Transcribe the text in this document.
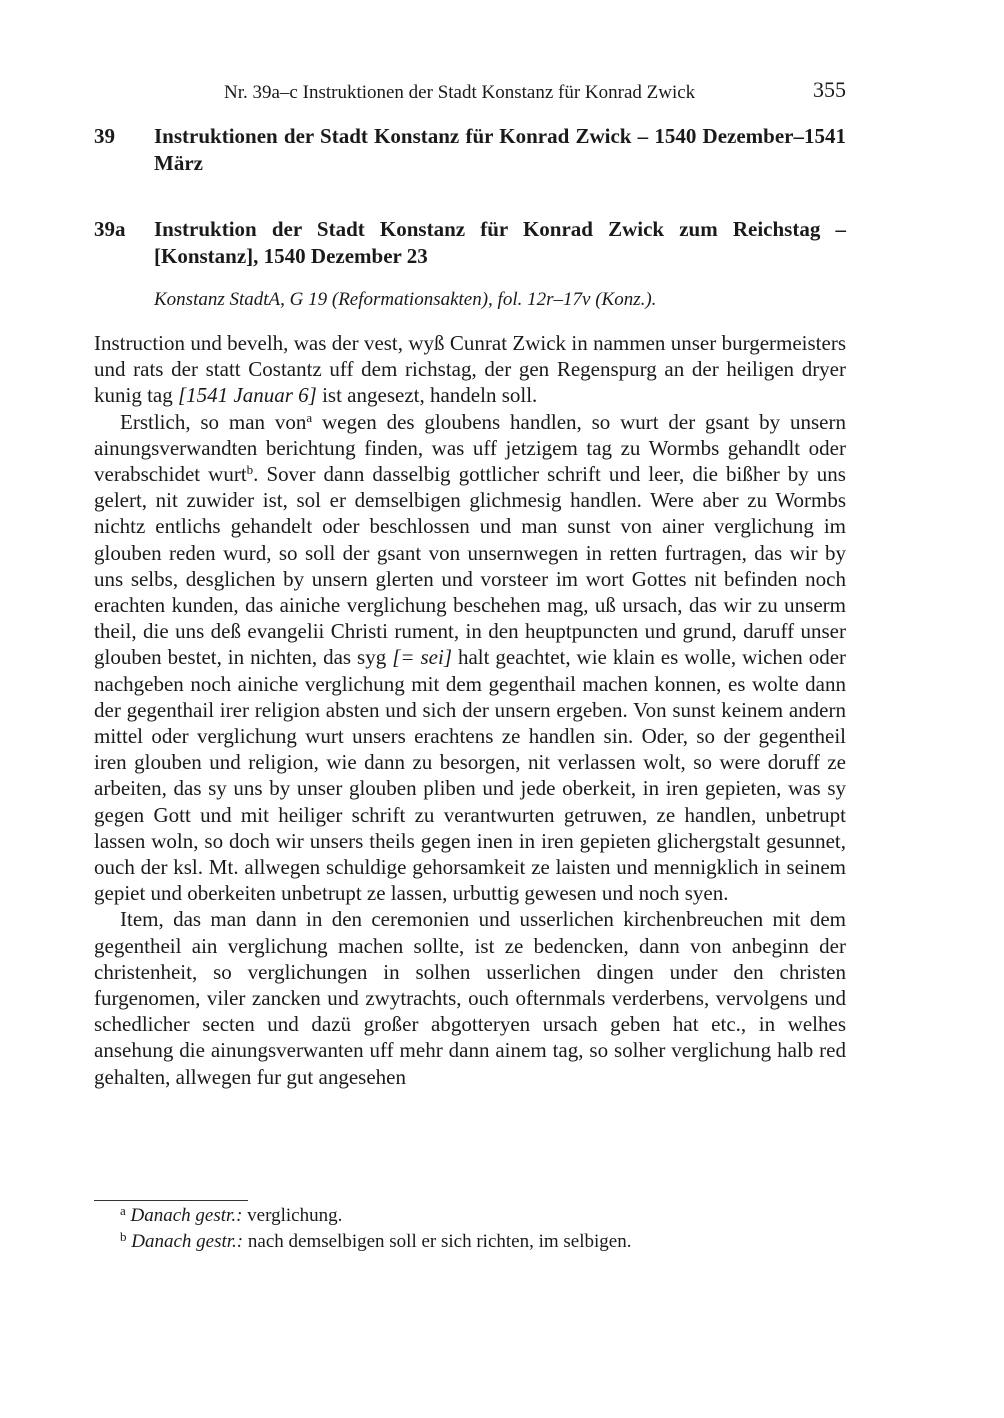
Nr. 39a–c Instruktionen der Stadt Konstanz für Konrad Zwick	355
39 Instruktionen der Stadt Konstanz für Konrad Zwick – 1540 Dezember–1541 März
39a Instruktion der Stadt Konstanz für Konrad Zwick zum Reichstag – [Konstanz], 1540 Dezember 23
Konstanz StadtA, G 19 (Reformationsakten), fol. 12r–17v (Konz.).

Instruction und bevelh, was der vest, wyß Cunrat Zwick in nammen unser burgermeisters und rats der statt Costantz uff dem richstag, der gen Regenspurg an der heiligen dryer kunig tag [1541 Januar 6] ist angesezt, handeln soll.

Erstlich, so man von$^a$ wegen des gloubens handlen, so wurt der gsant by unsern ainungsverwandten berichtung finden, was uff jetzigem tag zu Wormbs gehandlt oder verabschidet wurt$^b$. Sover dann dasselbig gottlicher schrift und leer, die bißher by uns gelert, nit zuwider ist, sol er demselbigen glichmesig handlen. Were aber zu Wormbs nichtz entlichs gehandelt oder beschlossen und man sunst von ainer verglichung im glouben reden wurd, so soll der gsant von unsernwegen in retten furtragen, das wir by uns selbs, desglichen by unsern glerten und vorsteer im wort Gottes nit befinden noch erachten kunden, das ainiche verglichung beschehen mag, uß ursach, das wir zu unserm theil, die uns deß evangelii Christi rument, in den heuptpuncten und grund, daruff unser glouben bestet, in nichten, das syg [= sei] halt geachtet, wie klain es wolle, wichen oder nachgeben noch ainiche verglichung mit dem gegenthail machen konnen, es wolte dann der gegenthail irer religion absten und sich der unsern ergeben. Von sunst keinem andern mittel oder verglichung wurt unsers erachtens ze handlen sin. Oder, so der gegentheil iren glouben und religion, wie dann zu besorgen, nit verlassen wolt, so were doruff ze arbeiten, das sy uns by unser glouben pliben und jede oberkeit, in iren gepieten, was sy gegen Gott und mit heiliger schrift zu verantwurten getruwen, ze handlen, unbetrupt lassen woln, so doch wir unsers theils gegen inen in iren gepieten glichergstalt gesunnet, ouch der ksl. Mt. allwegen schuldige gehorsamkeit ze laisten und mennigklich in seinem gepiet und oberkeiten unbetrupt ze lassen, urbuttig gewesen und noch syen.

Item, das man dann in den ceremonien und usserlichen kirchenbreuchen mit dem gegentheil ain verglichung machen sollte, ist ze bedencken, dann von anbeginn der christenheit, so verglichungen in solhen usserlichen dingen under den christen furgenomen, viler zancken und zwytrachts, ouch ofternmals verderbens, vervolgens und schedlicher secten und dazü großer abgotteryen ursach geben hat etc., in welhes ansehung die ainungsverwanten uff mehr dann ainem tag, so solher verglichung halb red gehalten, allwegen fur gut angesehen

$^a$ Danach gestr.: verglichung.

$^b$ Danach gestr.: nach demselbigen soll er sich richten, im selbigen.
